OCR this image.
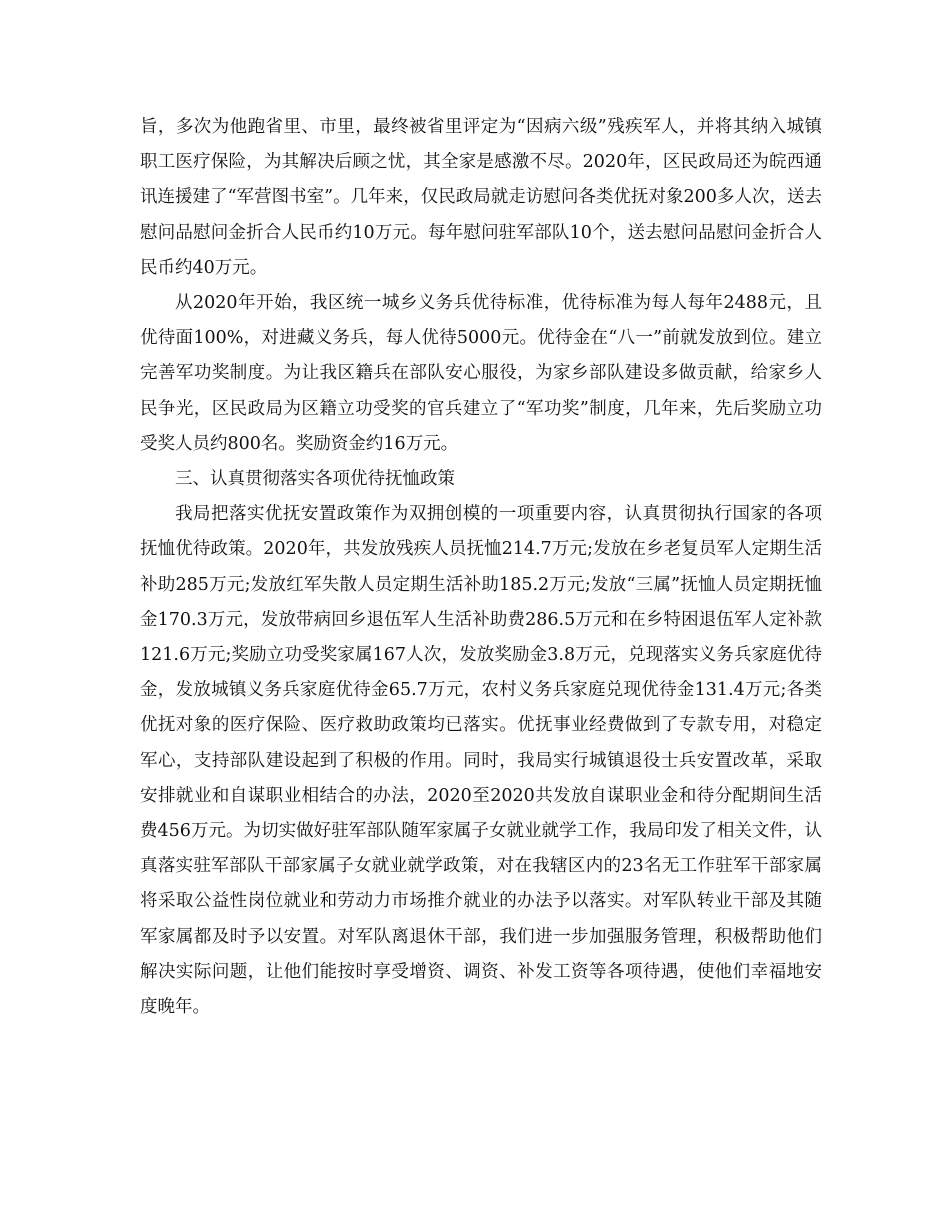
旨，多次为他跑省里、市里，最终被省里评定为“因病六级”残疾军人，并将其纳入城镇职工医疗保险，为其解决后顾之忧，其全家是感激不尽。2020年，区民政局还为皖西通讯连援建了“军营图书室”。几年来，仅民政局就走访慰问各类优抚对象200多人次，送去慰问品慰问金折合人民币约10万元。每年慰问驻军部队10个，送去慰问品慰问金折合人民币约40万元。

从2020年开始，我区统一城乡义务兵优待标准，优待标准为每人每年2488元，且优待面100%，对进藏义务兵，每人优待5000元。优待金在“八一”前就发放到位。建立完善军功奖制度。为让我区籍兵在部队安心服役，为家乡部队建设多做贡献，给家乡人民争光，区民政局为区籍立功受奖的官兵建立了“军功奖”制度，几年来，先后奖励立功受奖人员约800名。奖励资金约16万元。

三、认真贯彻落实各项优待抚恤政策

我局把落实优抚安置政策作为双拥创模的一项重要内容，认真贯彻执行国家的各项抚恤优待政策。2020年，共发放残疾人员抚恤214.7万元;发放在乡老复员军人定期生活补助285万元;发放红军失散人员定期生活补助185.2万元;发放“三属”抚恤人员定期抚恤金170.3万元，发放带病回乡退伍军人生活补助费286.5万元和在乡特困退伍军人定补款121.6万元;奖励立功受奖家属167人次，发放奖励金3.8万元，兑现落实义务兵家庭优待金，发放城镇义务兵家庭优待金65.7万元，农村义务兵家庭兑现优待金131.4万元;各类优抚对象的医疗保险、医疗救助政策均已落实。优抚事业经费做到了专款专用，对稳定军心，支持部队建设起到了积极的作用。同时，我局实行城镇退役士兵安置改革，采取安排就业和自谋职业相结合的办法，2020至2020共发放自谋职业金和待分配期间生活费456万元。为切实做好驻军部队随军家属子女就业就学工作，我局印发了相关文件，认真落实驻军部队干部家属子女就业就学政策，对在我辖区内的23名无工作驻军干部家属将采取公益性岗位就业和劳动力市场推介就业的办法予以落实。对军队转业干部及其随军家属都及时予以安置。对军队离退休干部，我们进一步加强服务管理，积极帮助他们解决实际问题，让他们能按时享受增资、调资、补发工资等各项待遇，使他们幸福地安度晚年。
